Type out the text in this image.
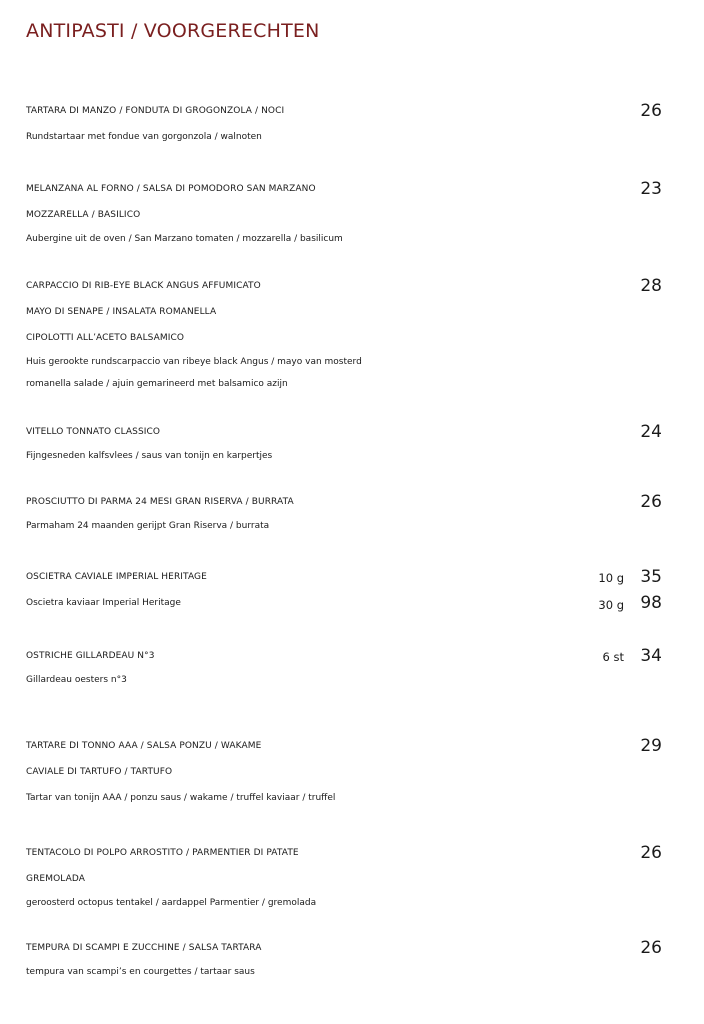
ANTIPASTI / VOORGERECHTEN
TARTARA DI MANZO / FONDUTA DI GROGONZOLA / NOCI
Rundstartaar met fondue van gorgonzola / walnoten
26
MELANZANA AL FORNO / SALSA DI POMODORO SAN MARZANO
MOZZARELLA / BASILICO
Aubergine uit de oven / San Marzano tomaten / mozzarella / basilicum
23
CARPACCIO DI RIB-EYE BLACK ANGUS AFFUMICATO
MAYO DI SENAPE / INSALATA ROMANELLA
CIPOLOTTI ALL’ACETO BALSAMICO
Huis gerookte rundscarpaccio van ribeye black Angus / mayo van mosterd
romanella salade / ajuin gemarineerd met balsamico azijn
28
VITELLO TONNATO CLASSICO
Fijngesneden kalfsvlees / saus van tonijn en karpertjes
24
PROSCIUTTO DI PARMA 24 MESI GRAN RISERVA / BURRATA
Parmaham 24 maanden gerijpt Gran Riserva / burrata
26
OSCIETRA CAVIALE IMPERIAL HERITAGE
Oscietra kaviaar Imperial Heritage
10 g 35
30 g 98
OSTRICHE GILLARDEAU N°3
Gillardeau oesters n°3
6 st 34
TARTARE DI TONNO AAA / SALSA PONZU / WAKAME
CAVIALE DI TARTUFO / TARTUFO
Tartar van tonijn AAA / ponzu saus / wakame / truffel kaviaar / truffel
29
TENTACOLO DI POLPO ARROSTITO / PARMENTIER DI PATATE
GREMOLADA
geroosterd octopus tentakel / aardappel Parmentier / gremolada
26
TEMPURA DI SCAMPI E ZUCCHINE / SALSA TARTARA
tempura van scampi’s en courgettes / tartaar saus
26
